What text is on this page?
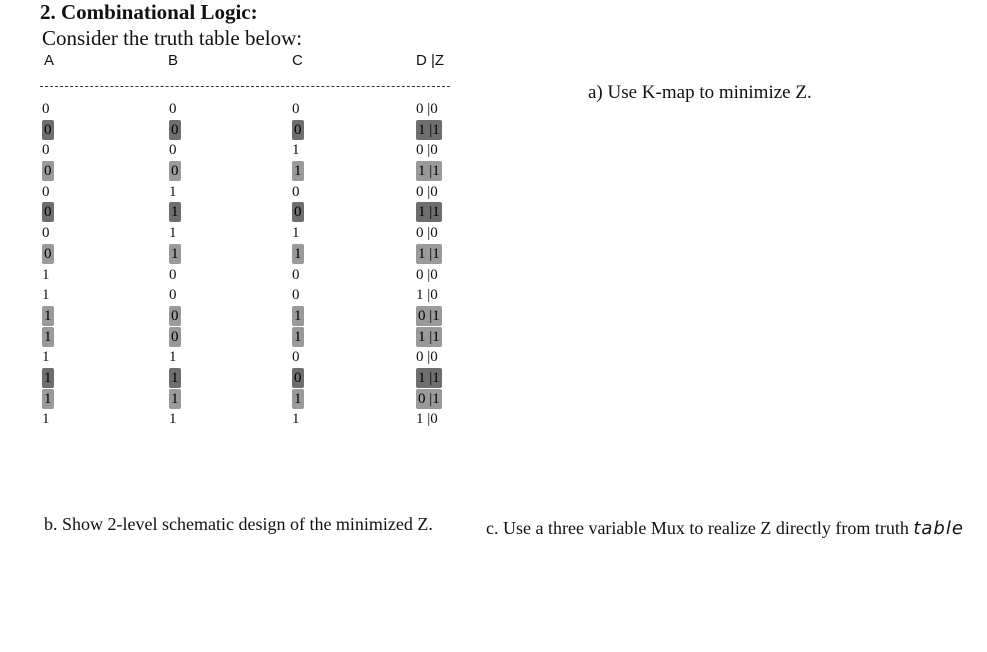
2. Combinational Logic:
Consider the truth table below:
A	B	C	D |Z
0	0	0	0 |0
0	0	0	1 |1
0	0	1	0 |0
0	0	1	1 |1
0	1	0	0 |0
0	1	0	1 |1
0	1	1	0 |0
0	1	1	1 |1
1	0	0	0 |0
1	0	0	1 |0
1	0	1	0 |1
1	0	1	1 |1
1	1	0	0 |0
1	1	0	1 |1
1	1	1	0 |1
1	1	1	1 |0
a) Use K-map to minimize Z.
b. Show 2-level schematic design of the minimized Z.	c. Use a three variable Mux to realize Z directly from truth table
